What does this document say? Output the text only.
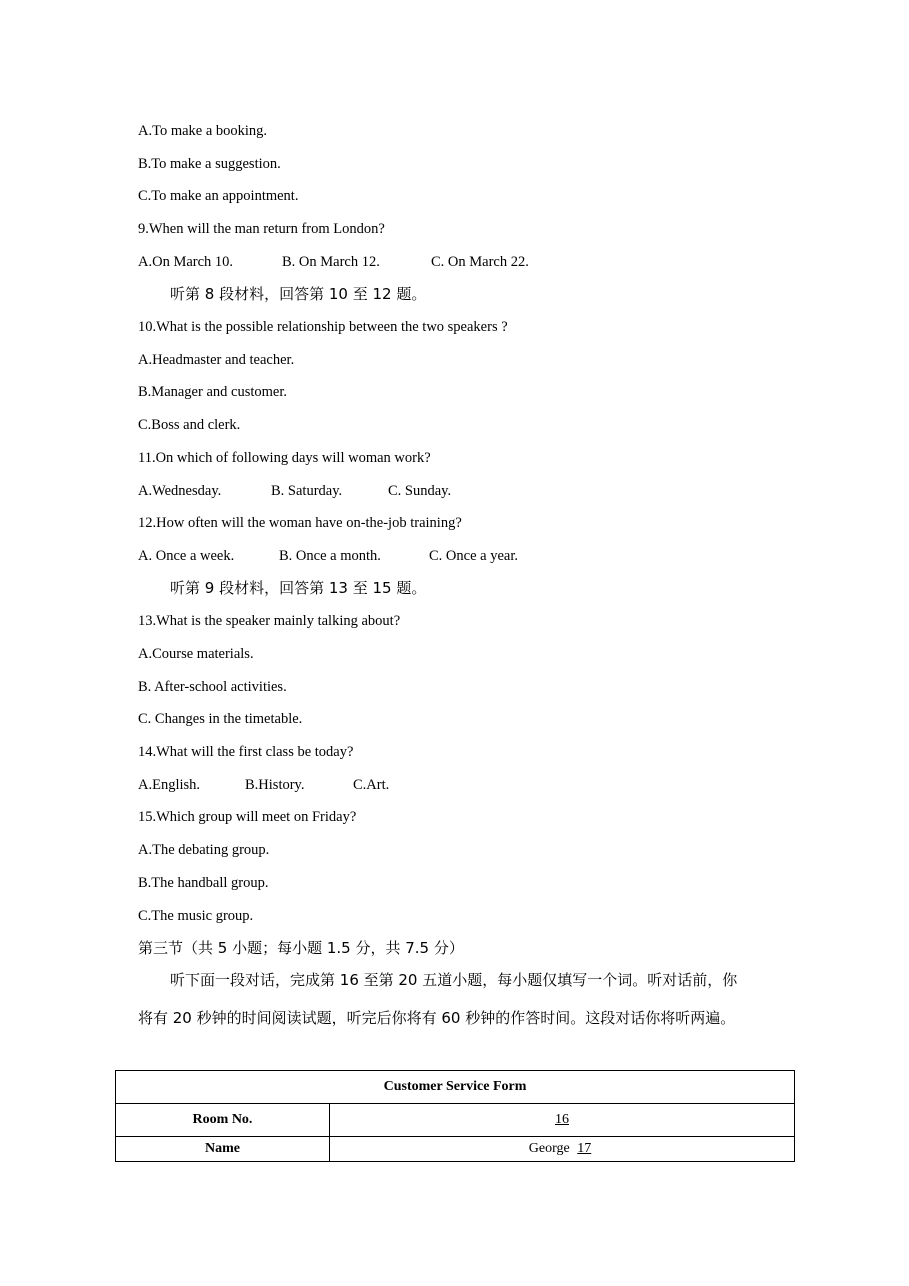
A.To make a booking.
B.To make a suggestion.
C.To make an appointment.
9.When will the man return from London?
A.On March 10.	B. On March 12.	C. On March 22.
听第 8 段材料，回答第 10 至 12 题。
10.What is the possible relationship between the two speakers ?
A.Headmaster and teacher.
B.Manager and customer.
C.Boss and clerk.
11.On which of following days will woman work?
A.Wednesday.	B. Saturday.	C. Sunday.
12.How often will the woman have on-the-job training?
A. Once a week.	B. Once a month.	C. Once a year.
听第 9 段材料，回答第 13 至 15 题。
13.What is the speaker mainly talking about?
A.Course materials.
B. After-school activities.
C. Changes in the timetable.
14.What will the first class be today?
A.English.	B.History.	C.Art.
15.Which group will meet on Friday?
A.The debating group.
B.The handball group.
C.The music group.
第三节（共 5 小题；每小题 1.5 分，共 7.5 分）
听下面一段对话，完成第 16 至第 20 五道小题，每小题仅填写一个词。听对话前，你
将有 20 秒钟的时间阅读试题，听完后你将有 60 秒钟的作答时间。这段对话你将听两遍。
Customer Service Form	
Room No.	16
Name	George 17
